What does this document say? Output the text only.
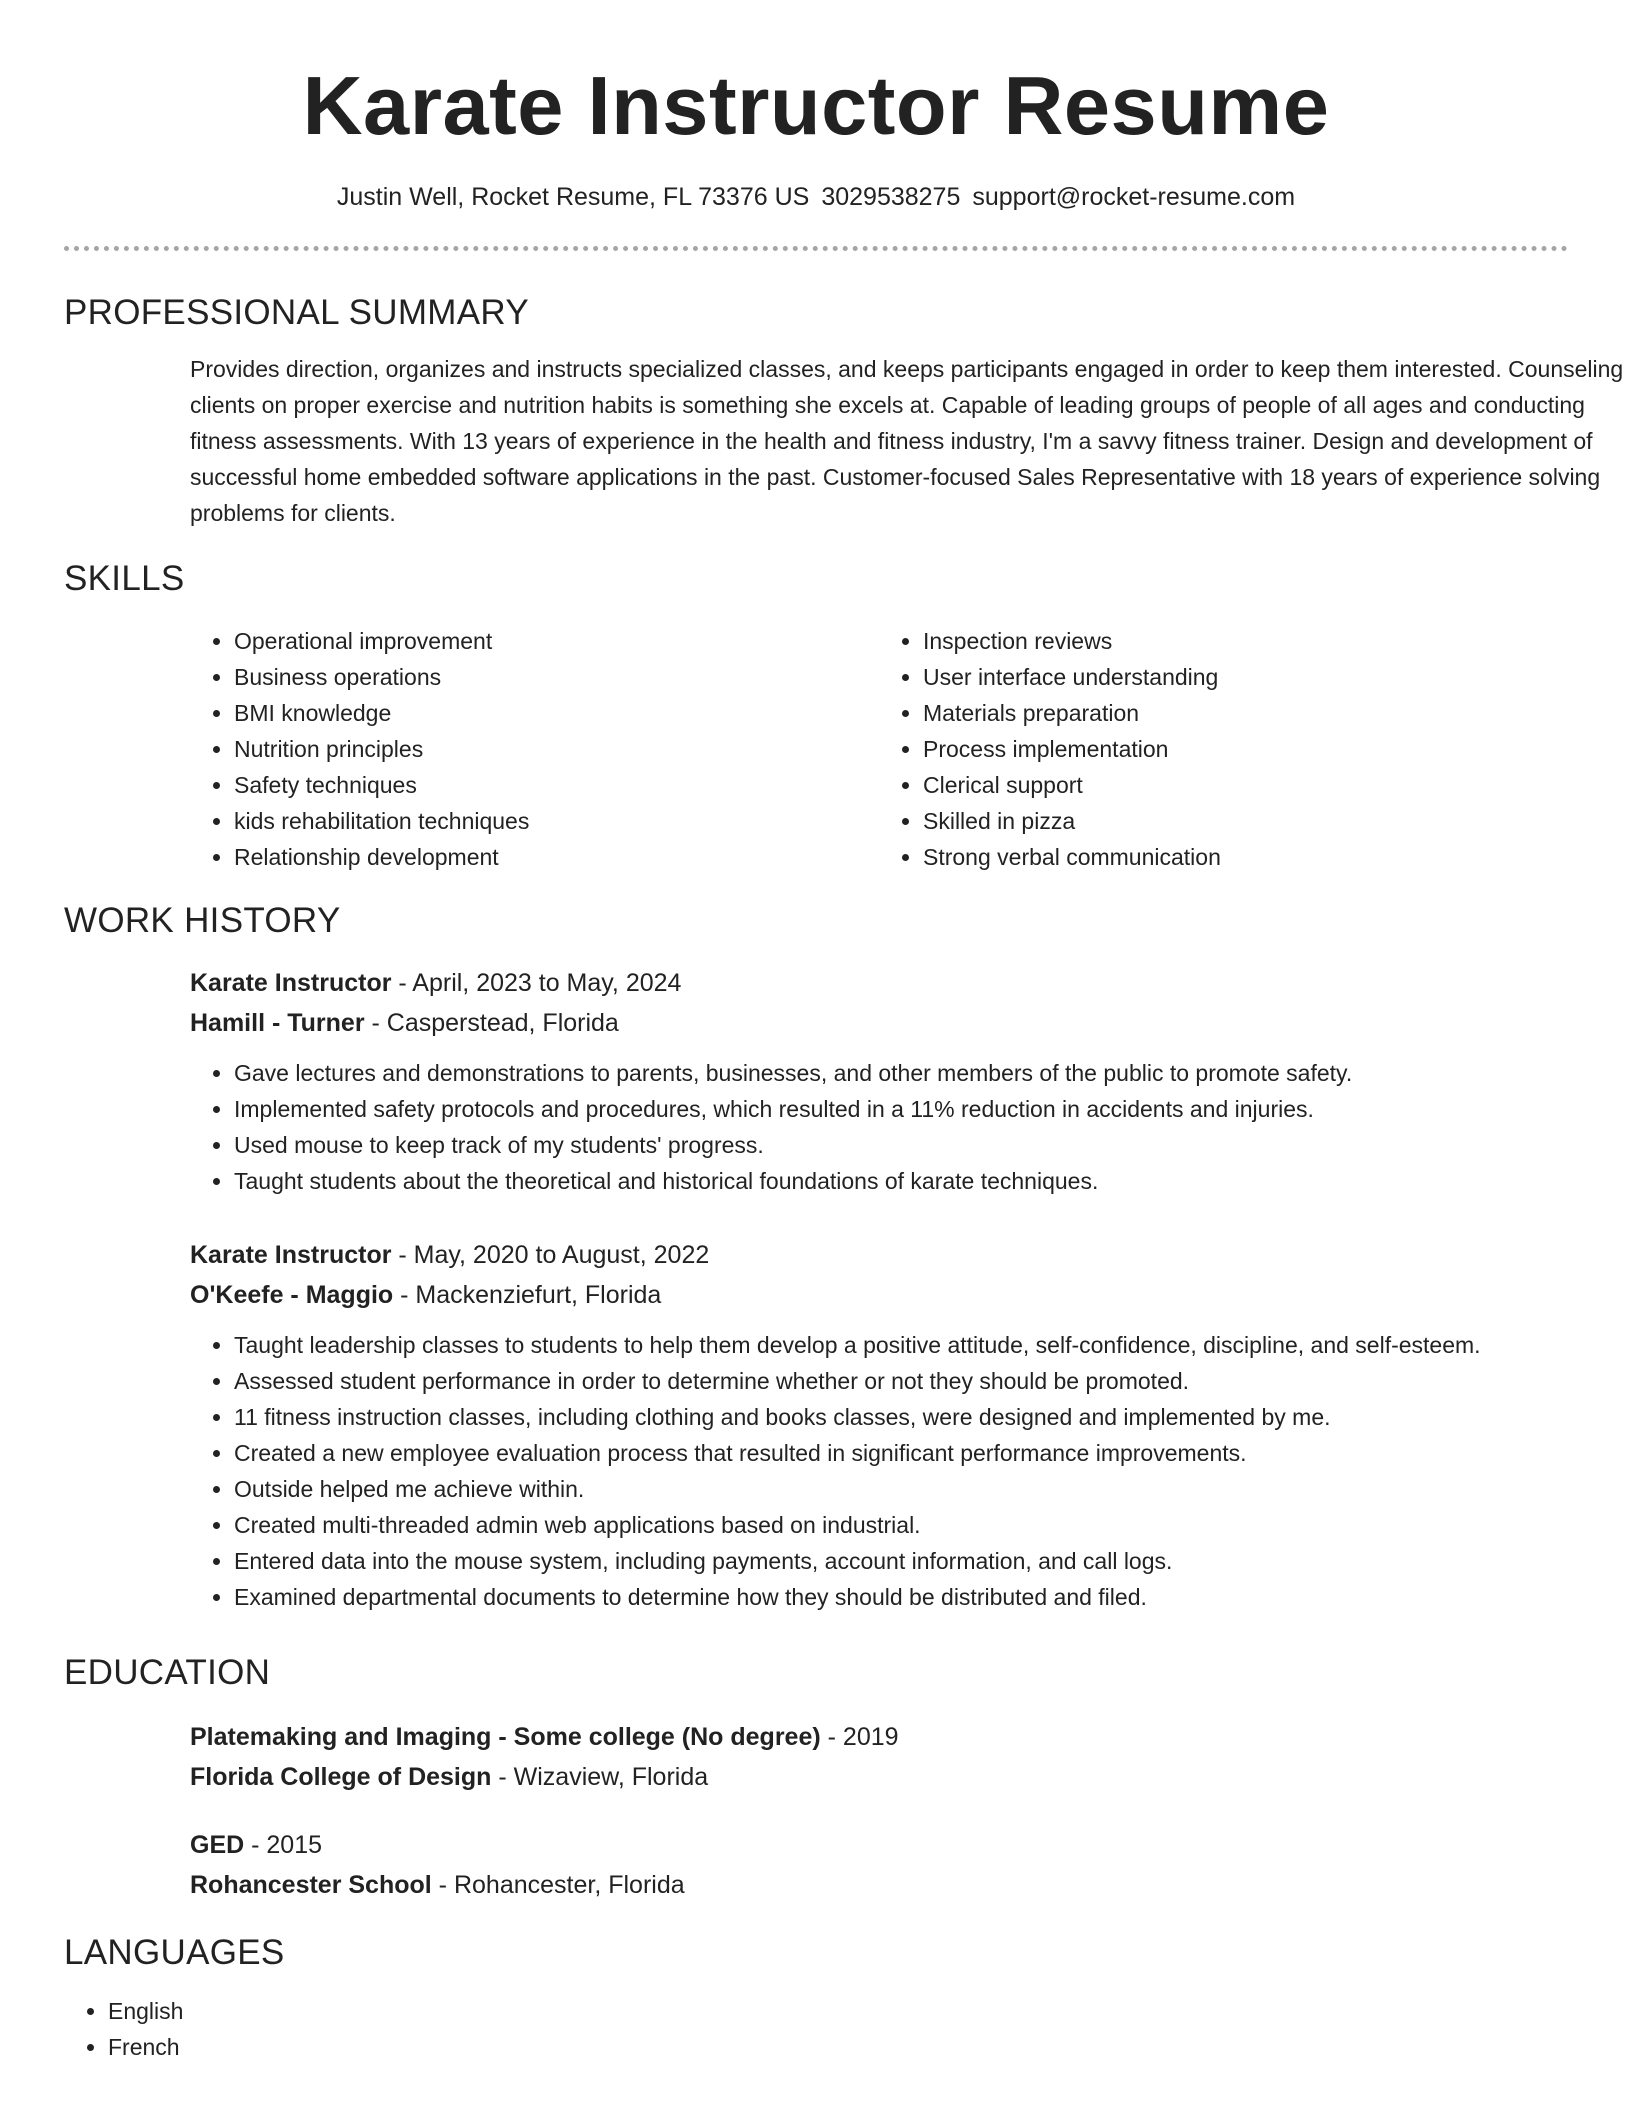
Karate Instructor Resume
Justin Well, Rocket Resume, FL 73376 US 3029538275 support@rocket-resume.com
PROFESSIONAL SUMMARY
Provides direction, organizes and instructs specialized classes, and keeps participants engaged in order to keep them interested. Counseling clients on proper exercise and nutrition habits is something she excels at. Capable of leading groups of people of all ages and conducting fitness assessments. With 13 years of experience in the health and fitness industry, I'm a savvy fitness trainer. Design and development of successful home embedded software applications in the past. Customer-focused Sales Representative with 18 years of experience solving problems for clients.
SKILLS
• Operational improvement
• Business operations
• BMI knowledge
• Nutrition principles
• Safety techniques
• kids rehabilitation techniques
• Relationship development
• Inspection reviews
• User interface understanding
• Materials preparation
• Process implementation
• Clerical support
• Skilled in pizza
• Strong verbal communication
WORK HISTORY
Karate Instructor - April, 2023 to May, 2024
Hamill - Turner - Casperstead, Florida
• Gave lectures and demonstrations to parents, businesses, and other members of the public to promote safety.
• Implemented safety protocols and procedures, which resulted in a 11% reduction in accidents and injuries.
• Used mouse to keep track of my students' progress.
• Taught students about the theoretical and historical foundations of karate techniques.
Karate Instructor - May, 2020 to August, 2022
O'Keefe - Maggio - Mackenziefurt, Florida
• Taught leadership classes to students to help them develop a positive attitude, self-confidence, discipline, and self-esteem.
• Assessed student performance in order to determine whether or not they should be promoted.
• 11 fitness instruction classes, including clothing and books classes, were designed and implemented by me.
• Created a new employee evaluation process that resulted in significant performance improvements.
• Outside helped me achieve within.
• Created multi-threaded admin web applications based on industrial.
• Entered data into the mouse system, including payments, account information, and call logs.
• Examined departmental documents to determine how they should be distributed and filed.
EDUCATION
Platemaking and Imaging - Some college (No degree) - 2019
Florida College of Design - Wizaview, Florida
GED - 2015
Rohancester School - Rohancester, Florida
LANGUAGES
• English
• French
